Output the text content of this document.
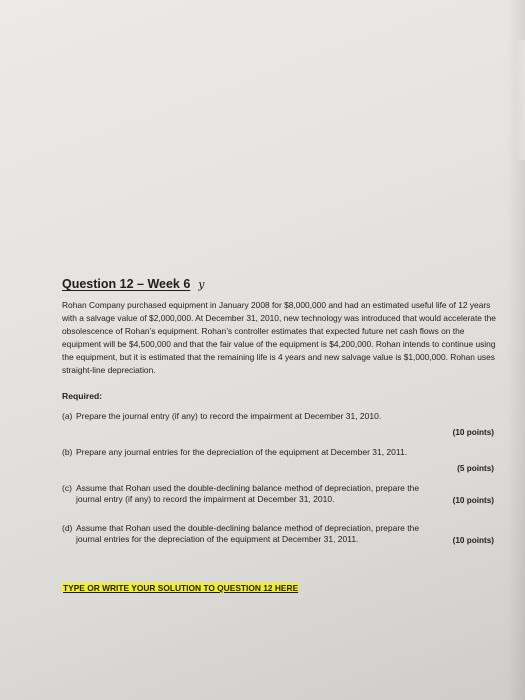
Question 12 – Week 6 y

Rohan Company purchased equipment in January 2008 for $8,000,000 and had an estimated useful life of 12 years with a salvage value of $2,000,000. At December 31, 2010, new technology was introduced that would accelerate the obsolescence of Rohan’s equipment. Rohan’s controller estimates that expected future net cash flows on the equipment will be $4,500,000 and that the fair value of the equipment is $4,200,000. Rohan intends to continue using the equipment, but it is estimated that the remaining life is 4 years and new salvage value is $1,000,000. Rohan uses straight-line depreciation.

Required:
(a) Prepare the journal entry (if any) to record the impairment at December 31, 2010.
(10 points)
(b) Prepare any journal entries for the depreciation of the equipment at December 31, 2011.
(5 points)
(c) Assume that Rohan used the double-declining balance method of depreciation, prepare the journal entry (if any) to record the impairment at December 31, 2010.	(10 points)
(d) Assume that Rohan used the double-declining balance method of depreciation, prepare the journal entries for the depreciation of the equipment at December 31, 2011.	(10 points)
TYPE OR WRITE YOUR SOLUTION TO QUESTION 12 HERE
